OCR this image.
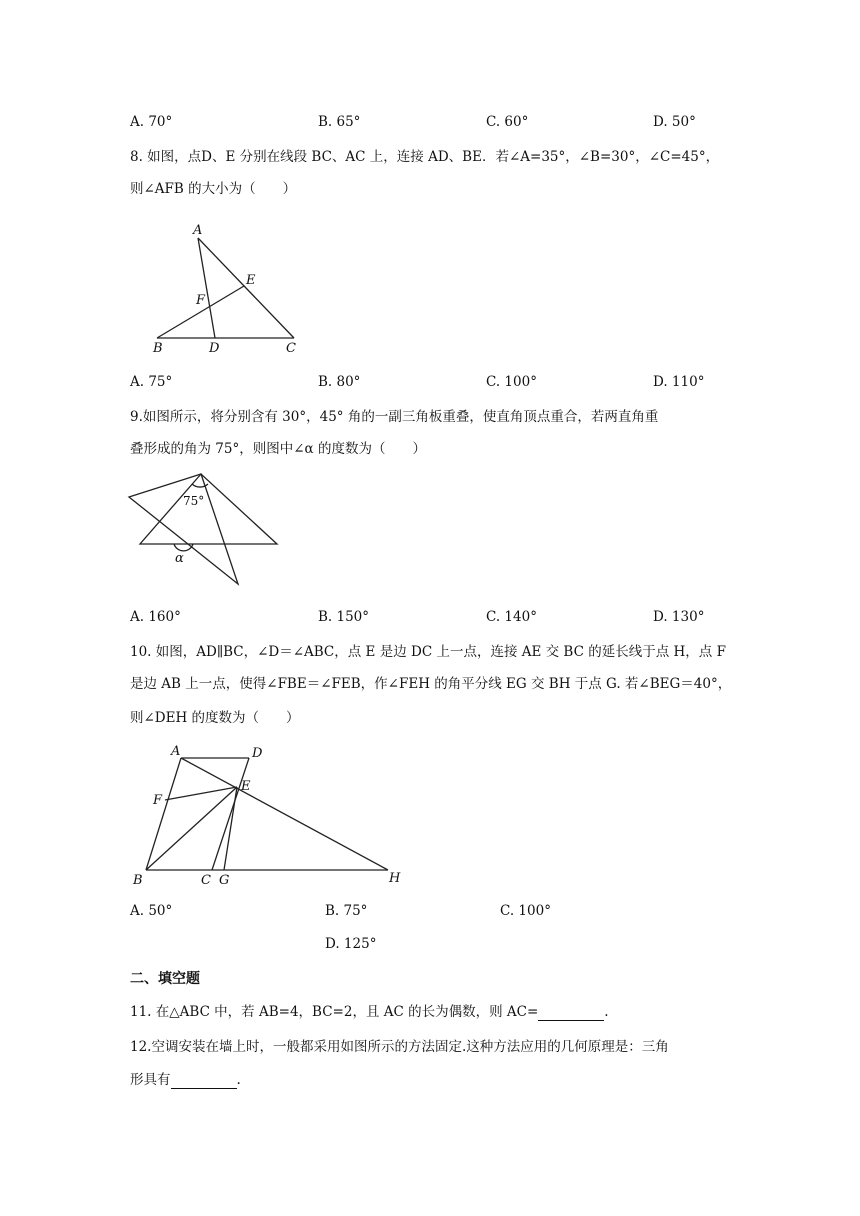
A. 70°	B. 65°	C. 60°	D. 50°
8. 如图，点D、E 分别在线段 BC、AC 上，连接 AD、BE．若∠A=35°，∠B=30°，∠C=45°，
则∠AFB 的大小为（　　）
A
E
F
B	D	C
A. 75°	B. 80°	C. 100°	D. 110°
9.如图所示，将分别含有 30°，45° 角的一副三角板重叠，使直角顶点重合，若两直角重
叠形成的角为 75°，则图中∠α 的度数为（　　）
75°
α
A. 160°	B. 150°	C. 140°	D. 130°
10. 如图，AD∥BC，∠D＝∠ABC，点 E 是边 DC 上一点，连接 AE 交 BC 的延长线于点 H，点 F
是边 AB 上一点，使得∠FBE＝∠FEB，作∠FEH 的角平分线 EG 交 BH 于点 G. 若∠BEG＝40°，
则∠DEH 的度数为（　　）
A	D
E
F
B	C G	H
A. 50°	B. 75°	C. 100°
D. 125°
二、填空题
11. 在△ABC 中，若 AB=4，BC=2，且 AC 的长为偶数，则 AC=	.
12.空调安装在墙上时，一般都采用如图所示的方法固定.这种方法应用的几何原理是：三角
形具有	.
